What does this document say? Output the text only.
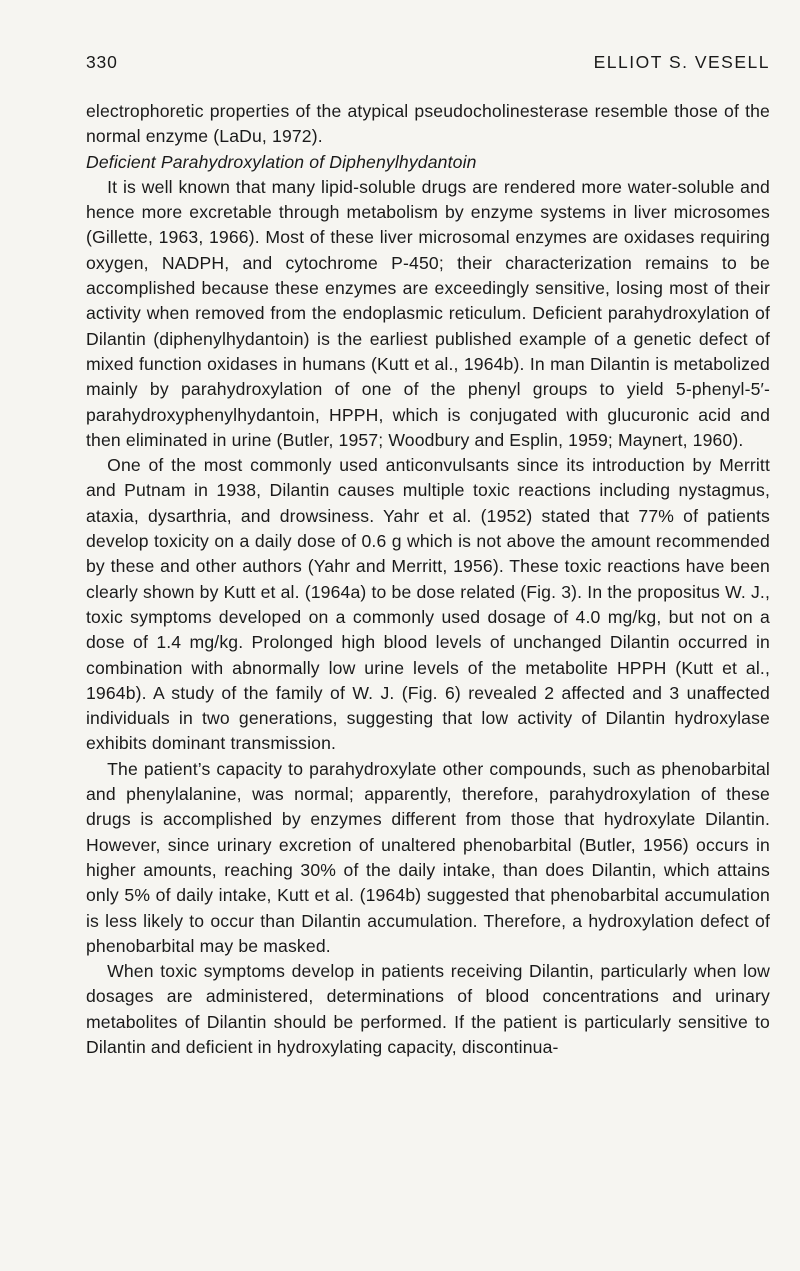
330	ELLIOT S. VESELL

electrophoretic properties of the atypical pseudocholinesterase resemble those of the normal enzyme (LaDu, 1972).

Deficient Parahydroxylation of Diphenylhydantoin

It is well known that many lipid-soluble drugs are rendered more water-soluble and hence more excretable through metabolism by enzyme systems in liver microsomes (Gillette, 1963, 1966). Most of these liver microsomal enzymes are oxidases requiring oxygen, NADPH, and cytochrome P-450; their characterization remains to be accomplished because these enzymes are exceedingly sensitive, losing most of their activity when removed from the endoplasmic reticulum. Deficient parahydroxylation of Dilantin (diphenylhydantoin) is the earliest published example of a genetic defect of mixed function oxidases in humans (Kutt et al., 1964b). In man Dilantin is metabolized mainly by parahydroxylation of one of the phenyl groups to yield 5-phenyl-5′-parahydroxyphenylhydantoin, HPPH, which is conjugated with glucuronic acid and then eliminated in urine (Butler, 1957; Woodbury and Esplin, 1959; Maynert, 1960).

One of the most commonly used anticonvulsants since its introduction by Merritt and Putnam in 1938, Dilantin causes multiple toxic reactions including nystagmus, ataxia, dysarthria, and drowsiness. Yahr et al. (1952) stated that 77% of patients develop toxicity on a daily dose of 0.6 g which is not above the amount recommended by these and other authors (Yahr and Merritt, 1956). These toxic reactions have been clearly shown by Kutt et al. (1964a) to be dose related (Fig. 3). In the propositus W. J., toxic symptoms developed on a commonly used dosage of 4.0 mg/kg, but not on a dose of 1.4 mg/kg. Prolonged high blood levels of unchanged Dilantin occurred in combination with abnormally low urine levels of the metabolite HPPH (Kutt et al., 1964b). A study of the family of W. J. (Fig. 6) revealed 2 affected and 3 unaffected individuals in two generations, suggesting that low activity of Dilantin hydroxylase exhibits dominant transmission.

The patient’s capacity to parahydroxylate other compounds, such as phenobarbital and phenylalanine, was normal; apparently, therefore, parahydroxylation of these drugs is accomplished by enzymes different from those that hydroxylate Dilantin. However, since urinary excretion of unaltered phenobarbital (Butler, 1956) occurs in higher amounts, reaching 30% of the daily intake, than does Dilantin, which attains only 5% of daily intake, Kutt et al. (1964b) suggested that phenobarbital accumulation is less likely to occur than Dilantin accumulation. Therefore, a hydroxylation defect of phenobarbital may be masked.

When toxic symptoms develop in patients receiving Dilantin, particularly when low dosages are administered, determinations of blood concentrations and urinary metabolites of Dilantin should be performed. If the patient is particularly sensitive to Dilantin and deficient in hydroxylating capacity, discontinua-
